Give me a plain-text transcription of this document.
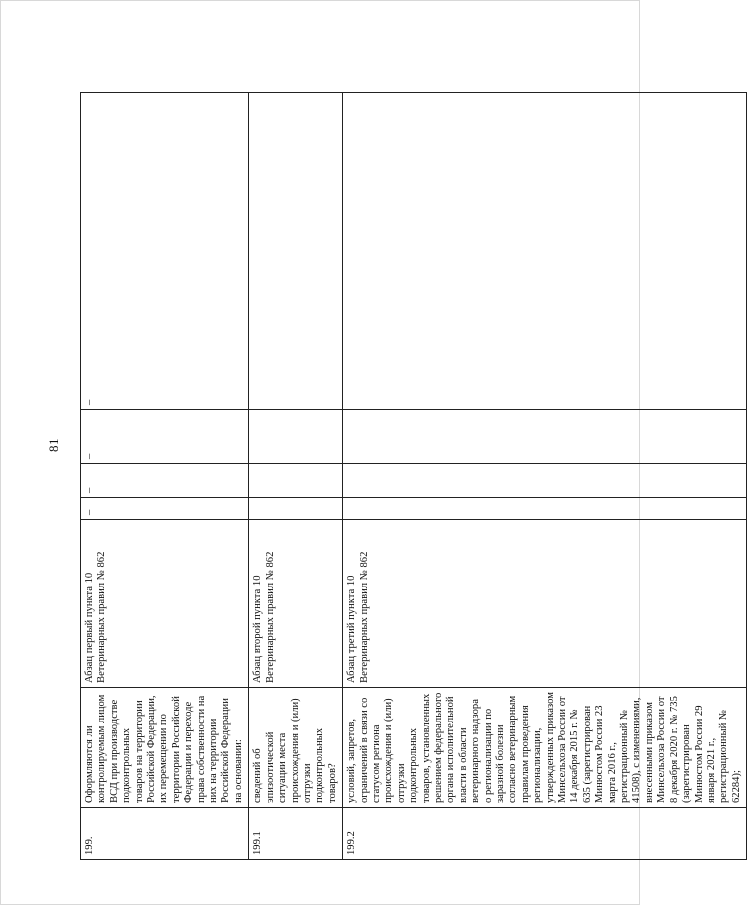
81
199.	Оформляются ли контролируемым лицом ВСД при производстве подконтрольных товаров на территории Российской Федерации, их перемещении по территории Российской Федерации и переходе права собственности на них на территории Российской Федерации на основании:	Абзац первый пункта 10 Ветеринарных правил № 862	–	–	–	–
199.1	сведений об эпизоотической ситуации места происхождения и (или) отгрузки подконтрольных товаров?	Абзац второй пункта 10 Ветеринарных правил № 862				
199.2	условий, запретов, ограничений в связи со статусом региона происхождения и (или) отгрузки подконтрольных товаров, установленных решением федерального органа исполнительной власти в области ветеринарного надзора о регионализации по заразной болезни согласно ветеринарным правилам проведения регионализации, утвержденных приказом Минсельхоза России от 14 декабря 2015 г. № 635 (зарегистрирован Минюстом России 23 марта 2016 г., регистрационный № 41508), с изменениями, внесенными приказом Минсельхоза России от 8 декабря 2020 г. № 735 (зарегистрирован Минюстом России 29 января 2021 г., регистрационный № 62284);	Абзац третий пункта 10 Ветеринарных правил № 862				
